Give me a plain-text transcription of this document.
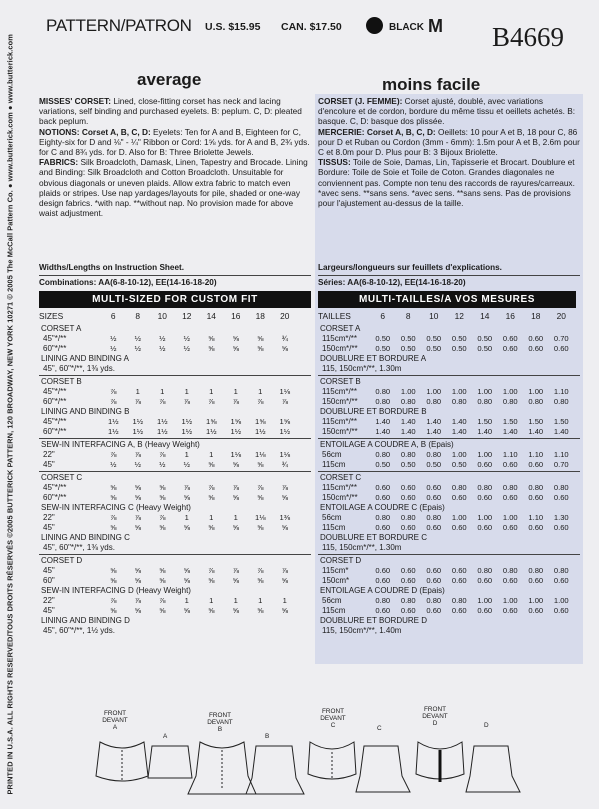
PRINTED IN U.S.A. ALL RIGHTS RESERVED/TOUS DROITS RÉSERVÉS ©2005 BUTTERICK PATTERN, 120 BROADWAY, NEW YORK 10271 © 2005 The McCall Pattern Co. ● www.butterick.com ● www.butterick.com
PATTERN/PATRON U.S. $15.95 CAN. $17.50	BLACK M B4669
average	moins facile
MISSES' CORSET: Lined, close-fitting corset has neck and lacing variations, self binding and purchased eyelets. B: peplum. C, D: pleated back peplum.
NOTIONS: Corset A, B, C, D: Eyelets: Ten for A and B, Eighteen for C, Eighty-six for D and ⅛" - ¼" Ribbon or Cord: 1⅝ yds. for A and B, 2¾ yds. for C and 8¾ yds. for D. Also for B: Three Briolette Jewels.
FABRICS: Silk Broadcloth, Damask, Linen, Tapestry and Brocade. Lining and Binding: Silk Broadcloth and Cotton Broadcloth. Unsuitable for obvious diagonals or uneven plaids. Allow extra fabric to match even plaids or stripes. Use nap yardages/layouts for pile, shaded or one-way design fabrics. *with nap. **without nap. No provision made for above waist adjustment.
CORSET (J. FEMME): Corset ajusté, doublé, avec variations d'encolure et de cordon, bordure du même tissu et oeillets achetés. B: basque. C, D: basque dos plissée.
MERCERIE: Corset A, B, C, D: Oeillets: 10 pour A et B, 18 pour C, 86 pour D et Ruban ou Cordon (3mm - 6mm): 1.5m pour A et B, 2.6m pour C et 8.0m pour D. Plus pour B: 3 Bijoux Briolette.
TISSUS: Toile de Soie, Damas, Lin, Tapisserie et Brocart. Doublure et Bordure: Toile de Soie et Toile de Coton. Grandes diagonales ne conviennent pas. Compte non tenu des raccords de rayures/carreaux. *avec sens. **sans sens. *avec sens. **sans sens. Pas de provisions pour l'ajustement au-dessus de la taille.
Widths/Lengths on Instruction Sheet.	Largeurs/longueurs sur feuillets d'explications.
Combinations: AA(6-8-10-12), EE(14-16-18-20)	Séries: AA(6-8-10-12), EE(14-16-18-20)
MULTI-SIZED FOR CUSTOM FIT	MULTI-TAILLES/A VOS MESURES
SIZES	6	8	10	12	14	16	18	20
CORSET A
45"*/**	½	½	½	½	⅝	⅝	⅝	¾
60"*/**	½	½	½	½	⅝	⅝	⅝	⅝
LINING AND BINDING A
45", 60"*/**, 1⅜ yds.
CORSET B
45"*/**	⅞	1	1	1	1	1	1	1⅛
60"*/**	⅞	⅞	⅞	⅞	⅞	⅞	⅞	⅞
LINING AND BINDING B
45"*/**	1½	1½	1½	1½	1⅝	1⅝	1⅝	1⅝
60"*/**	1½	1½	1½	1½	1½	1½	1½	1½
SEW-IN INTERFACING A, B (Heavy Weight)
22"	⅞	⅞	⅞	1	1	1⅛	1⅛	1⅛
45"	½	½	½	½	⅝	⅝	⅝	¾
CORSET C
45"*/**	⅝	⅝	⅝	⅞	⅞	⅞	⅞	⅞
60"*/**	⅝	⅝	⅝	⅝	⅝	⅝	⅝	⅝
SEW-IN INTERFACING C (Heavy Weight)
22"	⅞	⅞	⅞	1	1	1	1⅛	1⅜
45"	⅝	⅝	⅝	⅝	⅝	⅝	⅝	⅝
LINING AND BINDING C
45", 60"*/**, 1⅜ yds.
CORSET D
45"	⅝	⅝	⅝	⅝	⅞	⅞	⅞	⅞
60"	⅝	⅝	⅝	⅝	⅝	⅝	⅝	⅝
SEW-IN INTERFACING D (Heavy Weight)
22"	⅞	⅞	⅞	1	1	1	1	1
45"	⅝	⅝	⅝	⅝	⅝	⅝	⅝	⅝
LINING AND BINDING D
45", 60"*/**, 1½ yds.
TAILLES	6	8	10	12	14	16	18	20
CORSET A
115cm*/**	0.50	0.50	0.50	0.50	0.50	0.60	0.60	0.70
150cm*/**	0.50	0.50	0.50	0.50	0.50	0.60	0.60	0.60
DOUBLURE ET BORDURE A
115, 150cm*/**, 1.30m
CORSET B
115cm*/**	0.80	1.00	1.00	1.00	1.00	1.00	1.00	1.10
150cm*/**	0.80	0.80	0.80	0.80	0.80	0.80	0.80	0.80
DOUBLURE ET BORDURE B
115cm*/**	1.40	1.40	1.40	1.40	1.50	1.50	1.50	1.50
150cm*/**	1.40	1.40	1.40	1.40	1.40	1.40	1.40	1.40
ENTOILAGE A COUDRE A, B (Epais)
56cm	0.80	0.80	0.80	1.00	1.00	1.10	1.10	1.10
115cm	0.50	0.50	0.50	0.50	0.60	0.60	0.60	0.70
CORSET C
115cm*/**	0.60	0.60	0.60	0.80	0.80	0.80	0.80	0.80
150cm*/**	0.60	0.60	0.60	0.60	0.60	0.60	0.60	0.60
ENTOILAGE A COUDRE C (Epais)
56cm	0.80	0.80	0.80	1.00	1.00	1.00	1.10	1.30
115cm	0.60	0.60	0.60	0.60	0.60	0.60	0.60	0.60
DOUBLURE ET BORDURE C
115, 150cm*/**, 1.30m
CORSET D
115cm*	0.60	0.60	0.60	0.60	0.80	0.80	0.80	0.80
150cm*	0.60	0.60	0.60	0.60	0.60	0.60	0.60	0.60
ENTOILAGE A COUDRE D (Epais)
56cm	0.80	0.80	0.80	0.80	1.00	1.00	1.00	1.00
115cm	0.60	0.60	0.60	0.60	0.60	0.60	0.60	0.60
DOUBLURE ET BORDURE D
115, 150cm*/**, 1.40m
FRONT
DEVANT
A
A
FRONT
DEVANT
B
B
FRONT
DEVANT
C	C
FRONT
DEVANT
D	D
